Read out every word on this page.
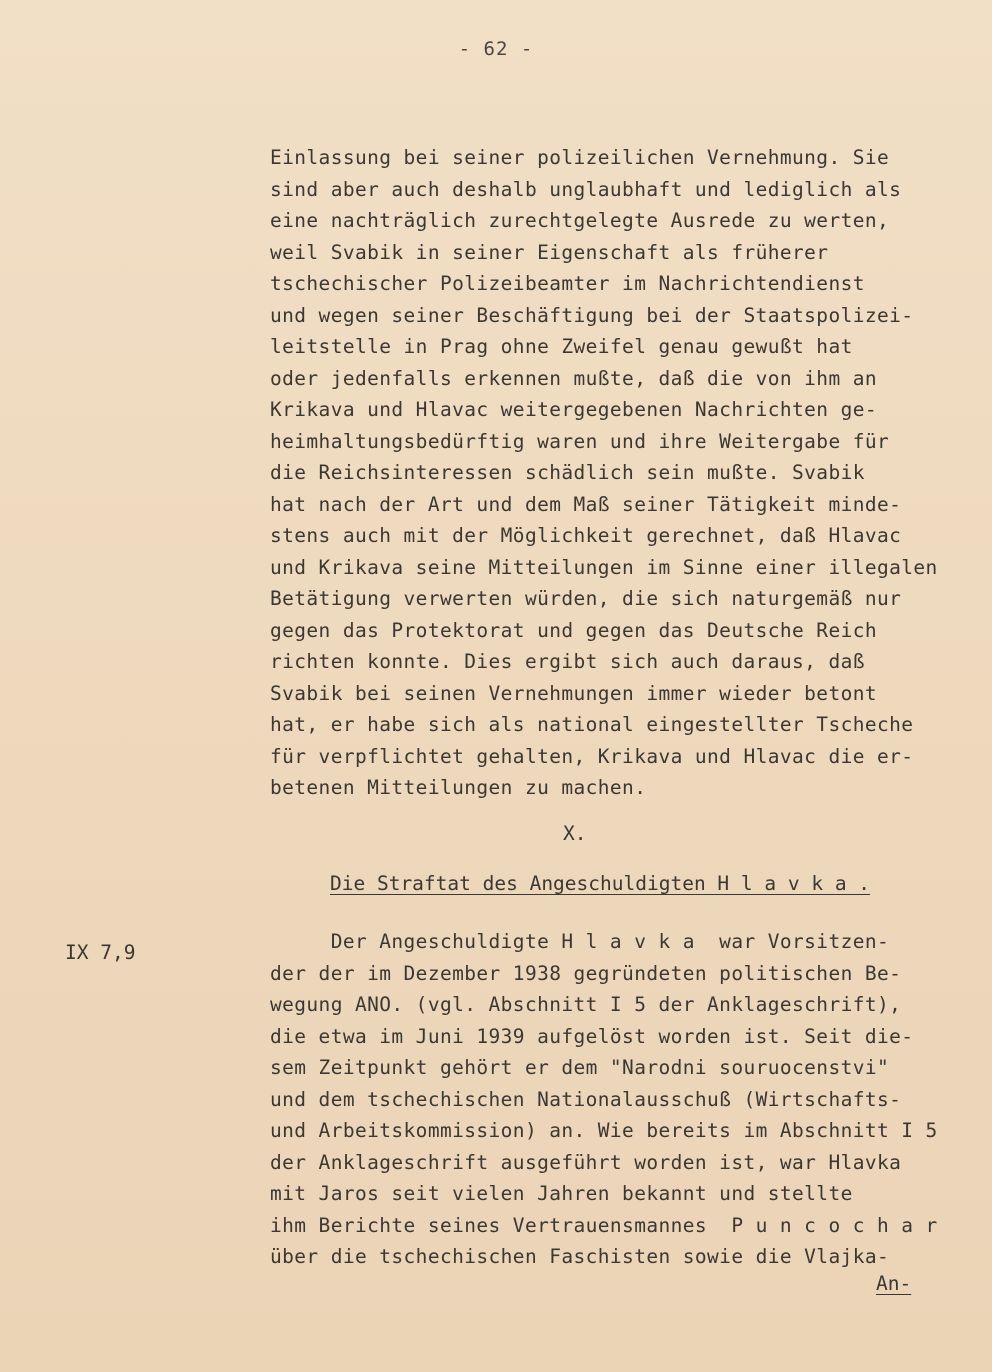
- 62 -
Einlassung bei seiner polizeilichen Vernehmung. Sie
sind aber auch deshalb unglaubhaft und lediglich als
eine nachträglich zurechtgelegte Ausrede zu werten,
weil Svabik in seiner Eigenschaft als früherer
tschechischer Polizeibeamter im Nachrichtendienst
und wegen seiner Beschäftigung bei der Staatspolizei-
leitstelle in Prag ohne Zweifel genau gewußt hat
oder jedenfalls erkennen mußte, daß die von ihm an
Krikava und Hlavac weitergegebenen Nachrichten ge-
heimhaltungsbedürftig waren und ihre Weitergabe für
die Reichsinteressen schädlich sein mußte. Svabik
hat nach der Art und dem Maß seiner Tätigkeit minde-
stens auch mit der Möglichkeit gerechnet, daß Hlavac
und Krikava seine Mitteilungen im Sinne einer illegalen
Betätigung verwerten würden, die sich naturgemäß nur
gegen das Protektorat und gegen das Deutsche Reich
richten konnte. Dies ergibt sich auch daraus, daß
Svabik bei seinen Vernehmungen immer wieder betont
hat, er habe sich als national eingestellter Tscheche
für verpflichtet gehalten, Krikava und Hlavac die er-
betenen Mitteilungen zu machen.
X.
Die Straftat des Angeschuldigten H l a v k a .
IX 7,9	Der Angeschuldigte H l a v k a  war Vorsitzen-
der der im Dezember 1938 gegründeten politischen Be-
wegung ANO. (vgl. Abschnitt I 5 der Anklageschrift),
die etwa im Juni 1939 aufgelöst worden ist. Seit die-
sem Zeitpunkt gehört er dem "Narodni souruocenstvi"
und dem tschechischen Nationalausschuß (Wirtschafts-
und Arbeitskommission) an. Wie bereits im Abschnitt I 5
der Anklageschrift ausgeführt worden ist, war Hlavka
mit Jaros seit vielen Jahren bekannt und stellte
ihm Berichte seines Vertrauensmannes  P u n c o c h a r
über die tschechischen Faschisten sowie die Vlajka-
An-
